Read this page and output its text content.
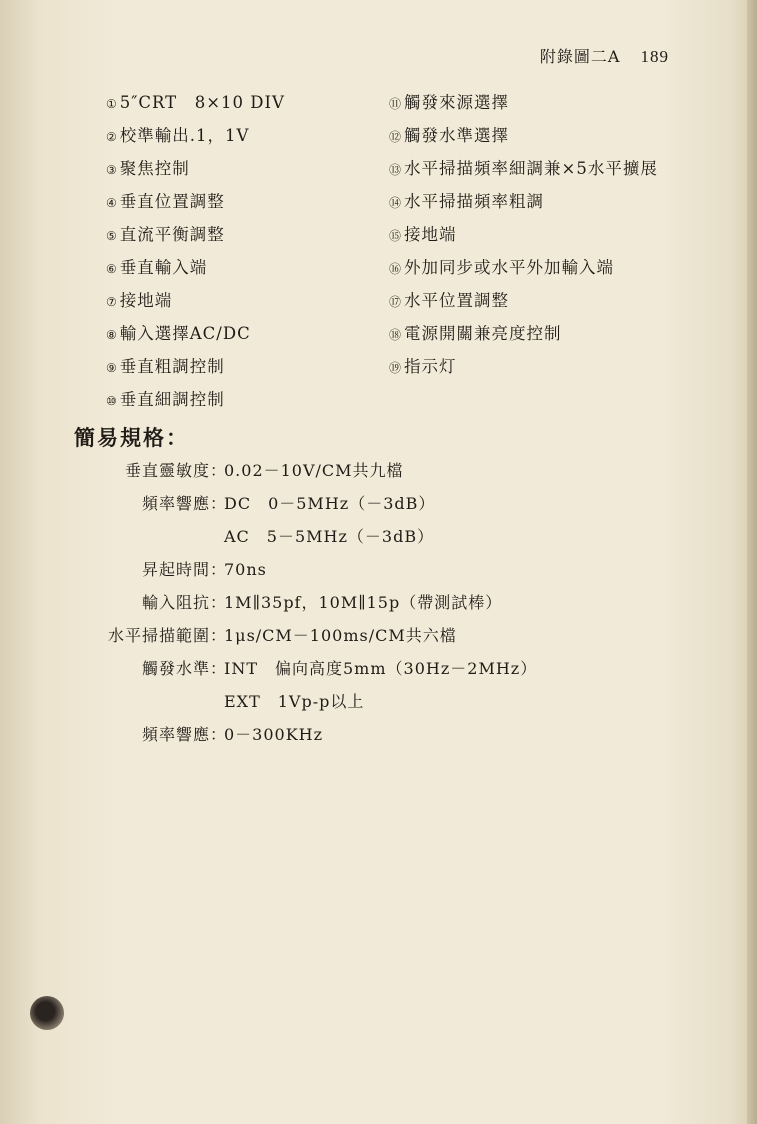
附錄圖二A 189
① 5″CRT　8×10 DIV
② 校準輸出.1，1V
③ 聚焦控制
④ 垂直位置調整
⑤ 直流平衡調整
⑥ 垂直輸入端
⑦ 接地端
⑧ 輸入選擇AC/DC
⑨ 垂直粗調控制
⑩ 垂直細調控制
⑪ 觸發來源選擇
⑫ 觸發水準選擇
⑬ 水平掃描頻率細調兼×5水平擴展
⑭ 水平掃描頻率粗調
⑮ 接地端
⑯ 外加同步或水平外加輸入端
⑰ 水平位置調整
⑱ 電源開關兼亮度控制
⑲ 指示灯
簡易規格：
垂直靈敏度：0.02－10V/CM共九檔
頻率響應：DC　0－5MHz（－3dB）
AC　5－5MHz（－3dB）
昇起時間：70ns
輸入阻抗：1M∥35pf，10M∥15p（帶測試棒）
水平掃描範圍：1μs/CM－100ms/CM共六檔
觸發水準：INT　偏向高度5mm（30Hz－2MHz）
EXT　1Vp-p以上
頻率響應：0－300KHz
